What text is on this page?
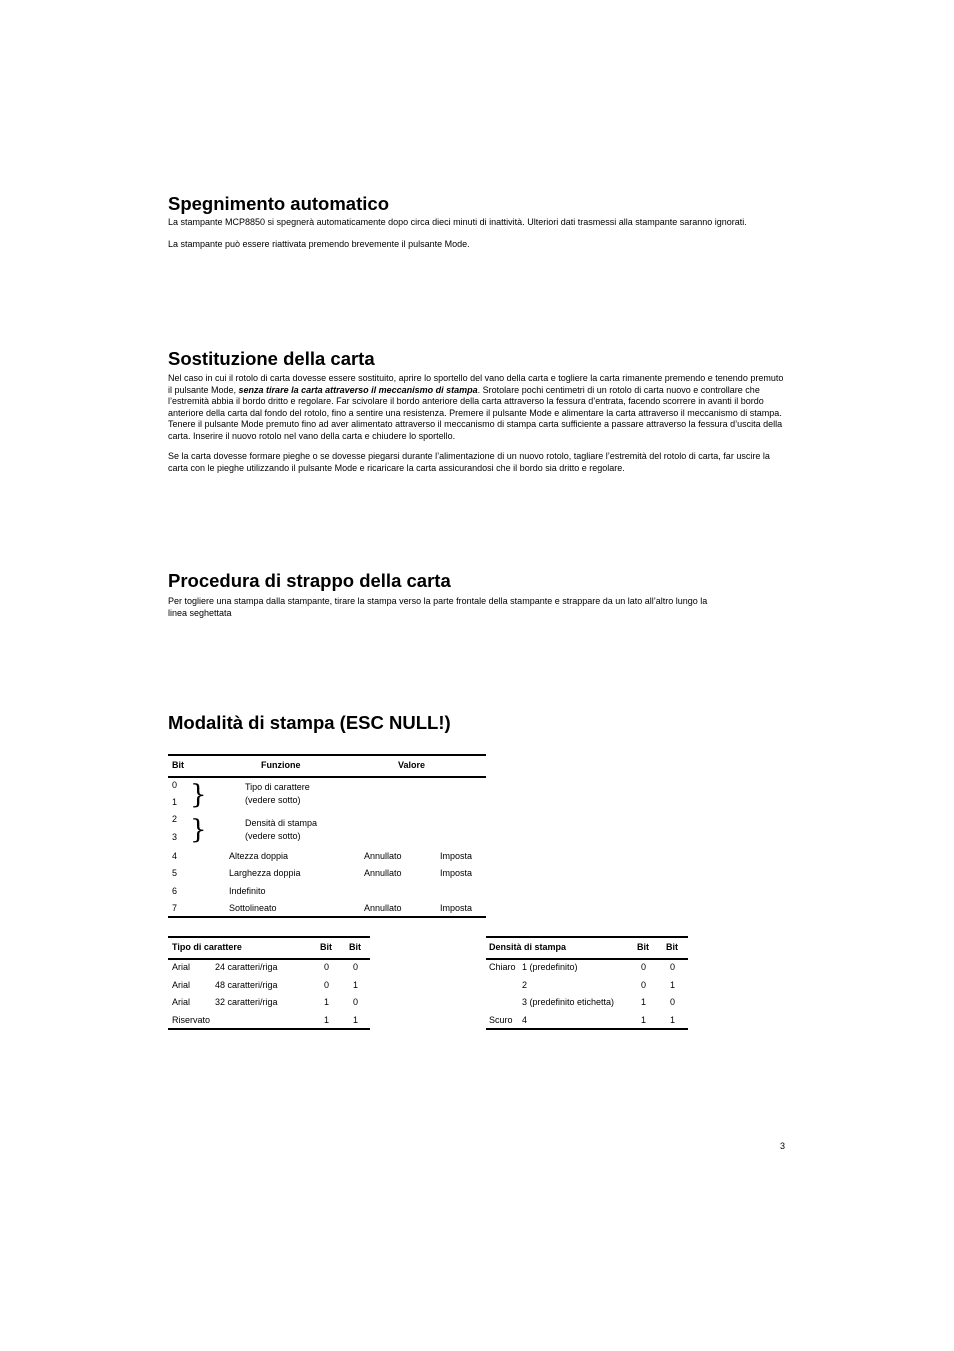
Spegnimento automatico

La stampante MCP8850 si spegnerà automaticamente dopo circa dieci minuti di inattività. Ulteriori dati trasmessi alla stampante saranno ignorati.

La stampante può essere riattivata premendo brevemente il pulsante Mode.

Sostituzione della carta

Nel caso in cui il rotolo di carta dovesse essere sostituito, aprire lo sportello del vano della carta e togliere la carta rimanente premendo e tenendo premuto il pulsante Mode, senza tirare la carta attraverso il meccanismo di stampa. Srotolare pochi centimetri di un rotolo di carta nuovo e controllare che l’estremità abbia il bordo dritto e regolare. Far scivolare il bordo anteriore della carta attraverso la fessura d’entrata, facendo scorrere in avanti il bordo anteriore della carta dal fondo del rotolo, fino a sentire una resistenza. Premere il pulsante Mode e alimentare la carta attraverso il meccanismo di stampa. Tenere il pulsante Mode premuto fino ad aver alimentato attraverso il meccanismo di stampa carta sufficiente a passare attraverso la fessura d’uscita della carta. Inserire il nuovo rotolo nel vano della carta e chiudere lo sportello.

Se la carta dovesse formare pieghe o se dovesse piegarsi durante l’alimentazione di un nuovo rotolo, tagliare l’estremità del rotolo di carta, far uscire la carta con le pieghe utilizzando il pulsante Mode e ricaricare la carta assicurandosi che il bordo sia dritto e regolare.

Procedura di strappo della carta
Per togliere una stampa dalla stampante, tirare la stampa verso la parte frontale della stampante e strappare da un lato all’altro lungo la
linea seghettata
Modalità di stampa (ESC NULL!)
Bit	Funzione	Valore
0
1 }	Tipo di carattere
(vedere sotto)
2
3 }	Densità di stampa
(vedere sotto)
4	Altezza doppia	Annullato	Imposta
5	Larghezza doppia	Annullato	Imposta
6	Indefinito
7	Sottolineato	Annullato	Imposta
Tipo di carattere	Bit Bit
Arial	24 caratteri/riga	0	0
Arial	48 caratteri/riga	0	1
Arial	32 caratteri/riga	1	0
Riservato	1	1
Densità di stampa	Bit Bit
Chiaro 1 (predefinito)	0	0
2	0	1
3 (predefinito etichetta)	1	0
Scuro 4	1	1
3
